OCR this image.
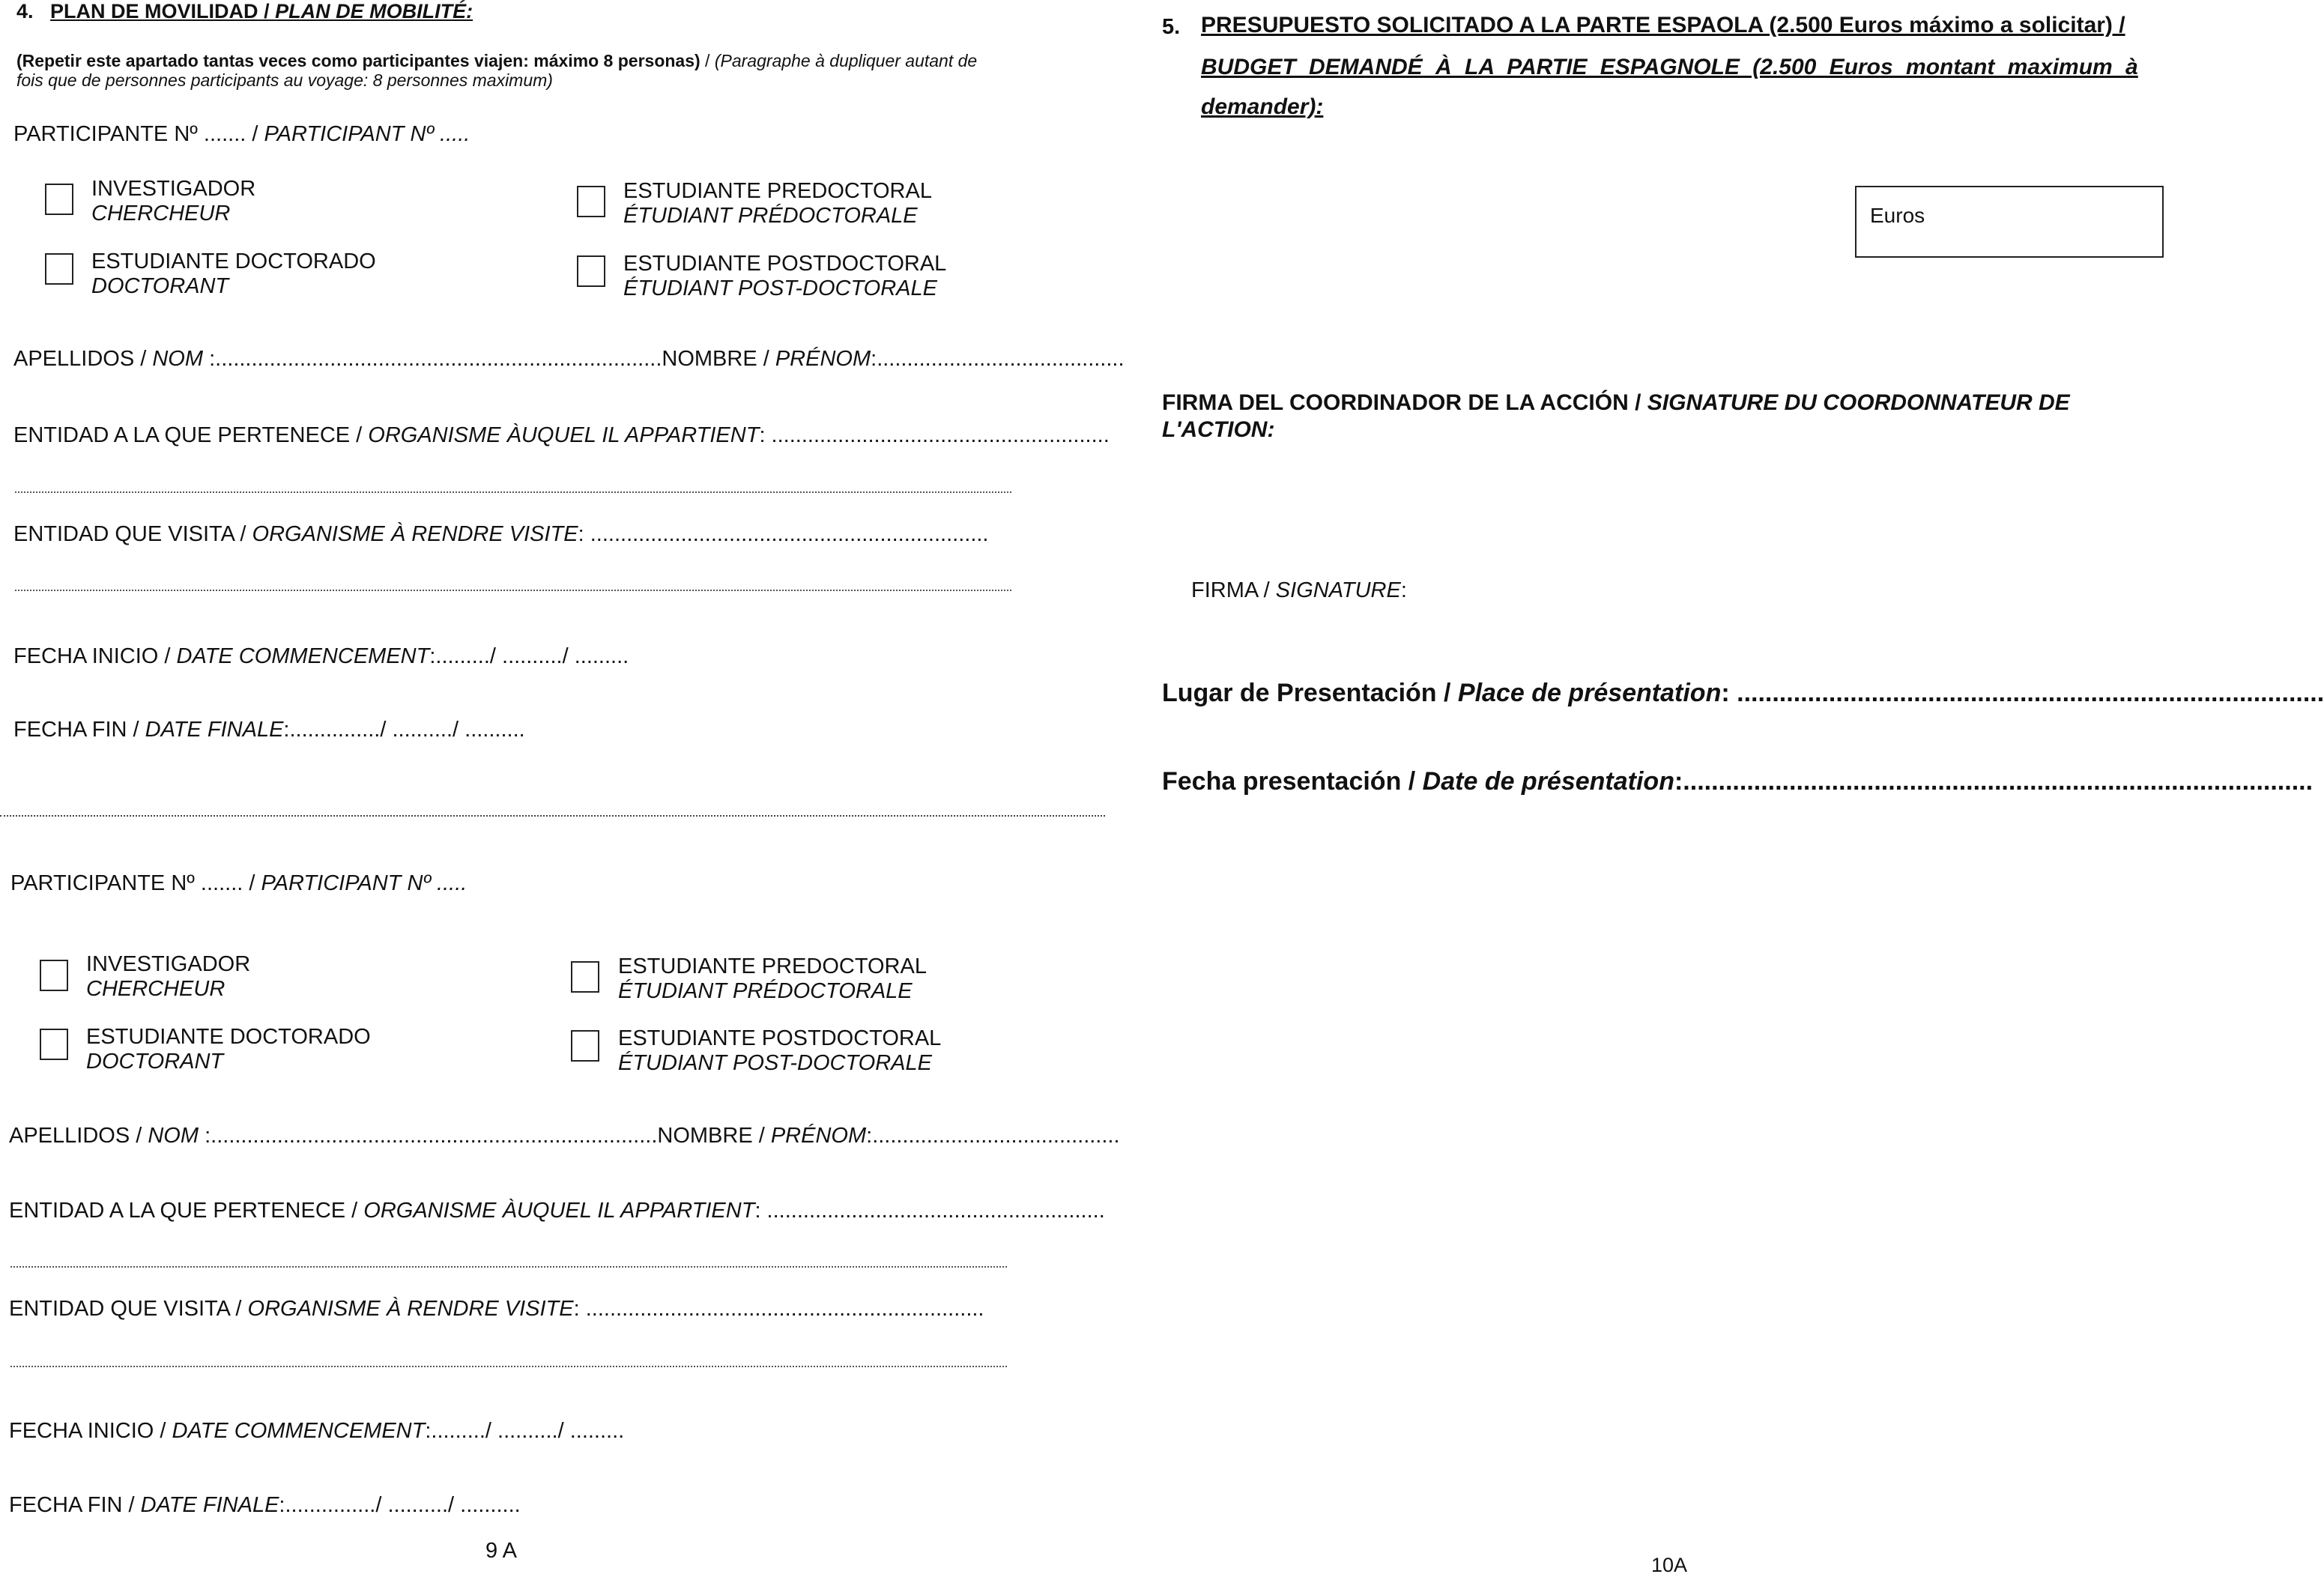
4. PLAN DE MOVILIDAD / PLAN DE MOBILITÉ:
(Repetir este apartado tantas veces como participantes viajen: máximo 8 personas) / (Paragraphe à dupliquer autant de
fois que de personnes participants au voyage: 8 personnes maximum)
PARTICIPANTE Nº ....... / PARTICIPANT Nº .....
INVESTIGADOR
CHERCHEUR
ESTUDIANTE PREDOCTORAL
ÉTUDIANT PRÉDOCTORALE
ESTUDIANTE DOCTORADO
DOCTORANT
ESTUDIANTE POSTDOCTORAL
ÉTUDIANT POST-DOCTORALE
APELLIDOS / NOM :..........................................................................NOMBRE / PRÉNOM:.........................................
ENTIDAD A LA QUE PERTENECE / ORGANISME ÀUQUEL IL APPARTIENT: ........................................................
ENTIDAD QUE VISITA / ORGANISME À RENDRE VISITE: ..................................................................
FECHA INICIO / DATE COMMENCEMENT:........./ ........../ .........
FECHA FIN / DATE FINALE:.............../ ........../ ..........
PARTICIPANTE Nº ....... / PARTICIPANT Nº .....
INVESTIGADOR
CHERCHEUR
ESTUDIANTE PREDOCTORAL
ÉTUDIANT PRÉDOCTORALE
ESTUDIANTE DOCTORADO
DOCTORANT
ESTUDIANTE POSTDOCTORAL
ÉTUDIANT POST-DOCTORALE
APELLIDOS / NOM :..........................................................................NOMBRE / PRÉNOM:.........................................
ENTIDAD A LA QUE PERTENECE / ORGANISME ÀUQUEL IL APPARTIENT: ........................................................
ENTIDAD QUE VISITA / ORGANISME À RENDRE VISITE: ..................................................................
FECHA INICIO / DATE COMMENCEMENT:........./ ........../ .........
FECHA FIN / DATE FINALE:.............../ ........../ ..........
9 A
5. PRESUPUESTO SOLICITADO A LA PARTE ESPAOLA (2.500 Euros máximo a solicitar) /
BUDGET DEMANDÉ À LA PARTIE ESPAGNOLE (2.500 Euros montant maximum à
demander):
Euros
FIRMA DEL COORDINADOR DE LA ACCIÓN / SIGNATURE DU COORDONNATEUR DE
L'ACTION:
FIRMA / SIGNATURE:
Lugar de Presentación / Place de présentation: ...................................................................................
Fecha presentación / Date de présentation:.........................................................................................
10A
